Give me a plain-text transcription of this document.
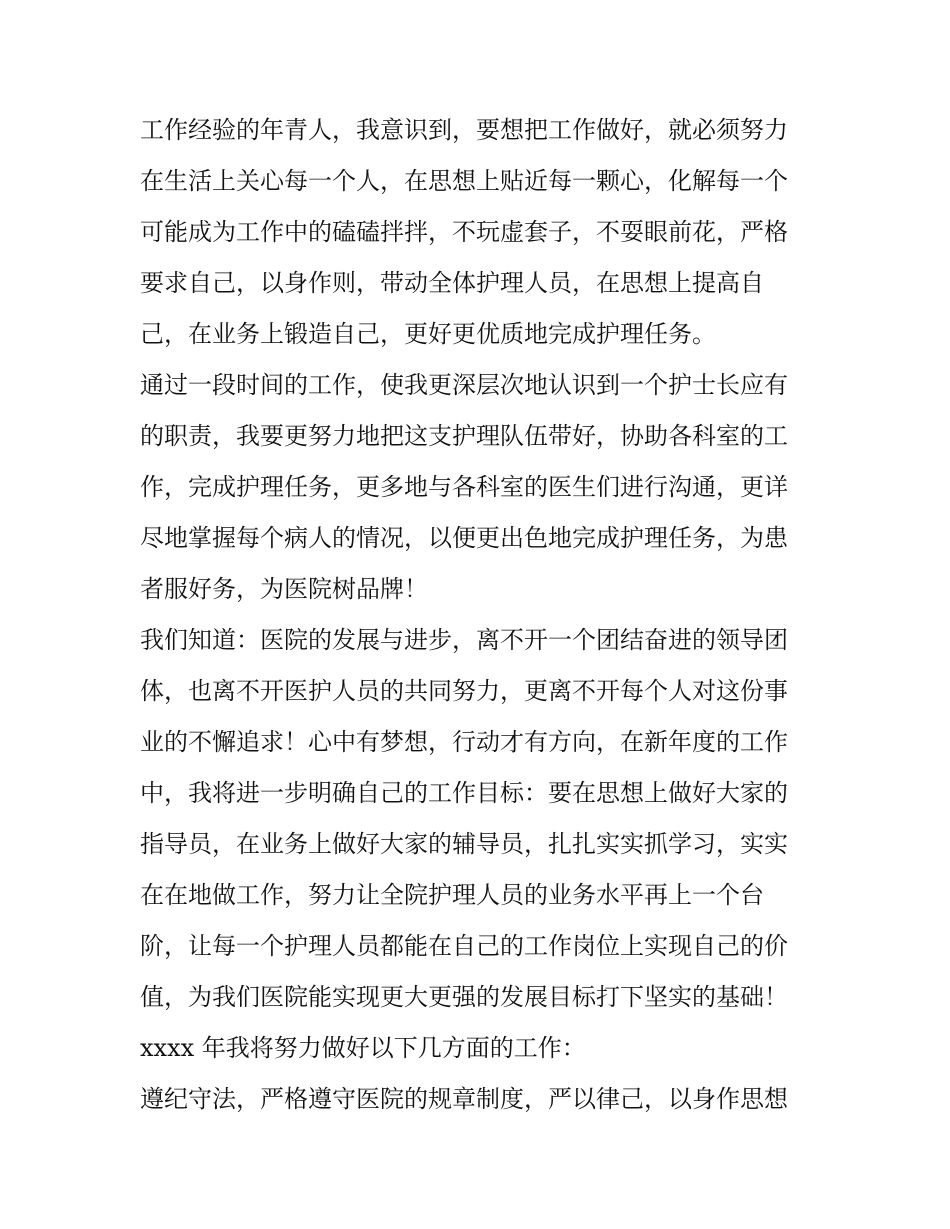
工作经验的年青人，我意识到，要想把工作做好，就必须努力
在生活上关心每一个人，在思想上贴近每一颗心，化解每一个
可能成为工作中的磕磕拌拌，不玩虚套子，不耍眼前花，严格
要求自己，以身作则，带动全体护理人员，在思想上提高自
己，在业务上锻造自己，更好更优质地完成护理任务。
通过一段时间的工作，使我更深层次地认识到一个护士长应有
的职责，我要更努力地把这支护理队伍带好，协助各科室的工
作，完成护理任务，更多地与各科室的医生们进行沟通，更详
尽地掌握每个病人的情况，以便更出色地完成护理任务，为患
者服好务，为医院树品牌！
我们知道：医院的发展与进步，离不开一个团结奋进的领导团
体，也离不开医护人员的共同努力，更离不开每个人对这份事
业的不懈追求！心中有梦想，行动才有方向，在新年度的工作
中，我将进一步明确自己的工作目标：要在思想上做好大家的
指导员，在业务上做好大家的辅导员，扎扎实实抓学习，实实
在在地做工作，努力让全院护理人员的业务水平再上一个台
阶，让每一个护理人员都能在自己的工作岗位上实现自己的价
值，为我们医院能实现更大更强的发展目标打下坚实的基础！
xxxx 年我将努力做好以下几方面的工作：
遵纪守法，严格遵守医院的规章制度，严以律己，以身作思想
